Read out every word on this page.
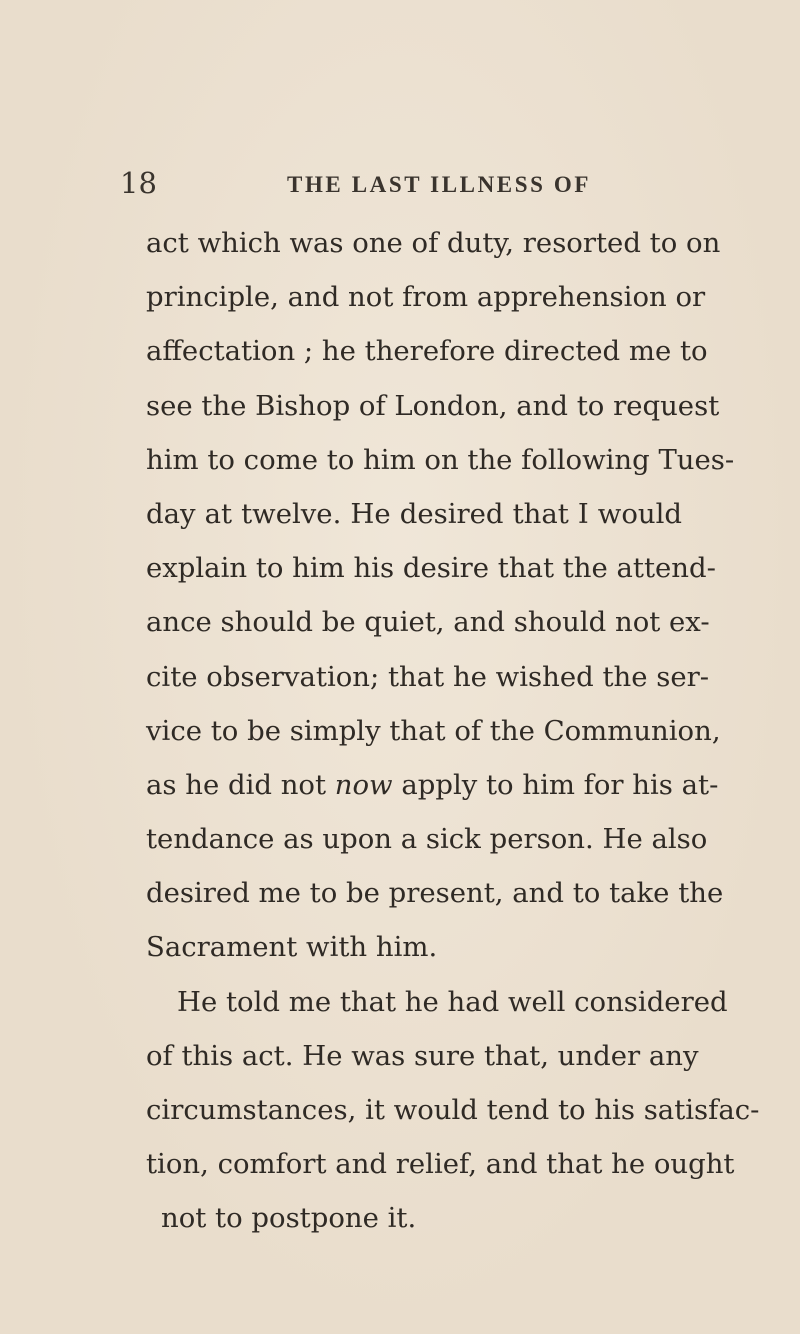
18	THE LAST ILLNESS OF
act which was one of duty, resorted to on
principle, and not from apprehension or
affectation ; he therefore directed me to
see the Bishop of London, and to request
him to come to him on the following Tues-
day at twelve. He desired that I would
explain to him his desire that the attend-
ance should be quiet, and should not ex-
cite observation; that he wished the ser-
vice to be simply that of the Communion,
as he did not now apply to him for his at-
tendance as upon a sick person. He also
desired me to be present, and to take the
Sacrament with him.
He told me that he had well considered
of this act. He was sure that, under any
circumstances, it would tend to his satisfac-
tion, comfort and relief, and that he ought
not to postpone it.
